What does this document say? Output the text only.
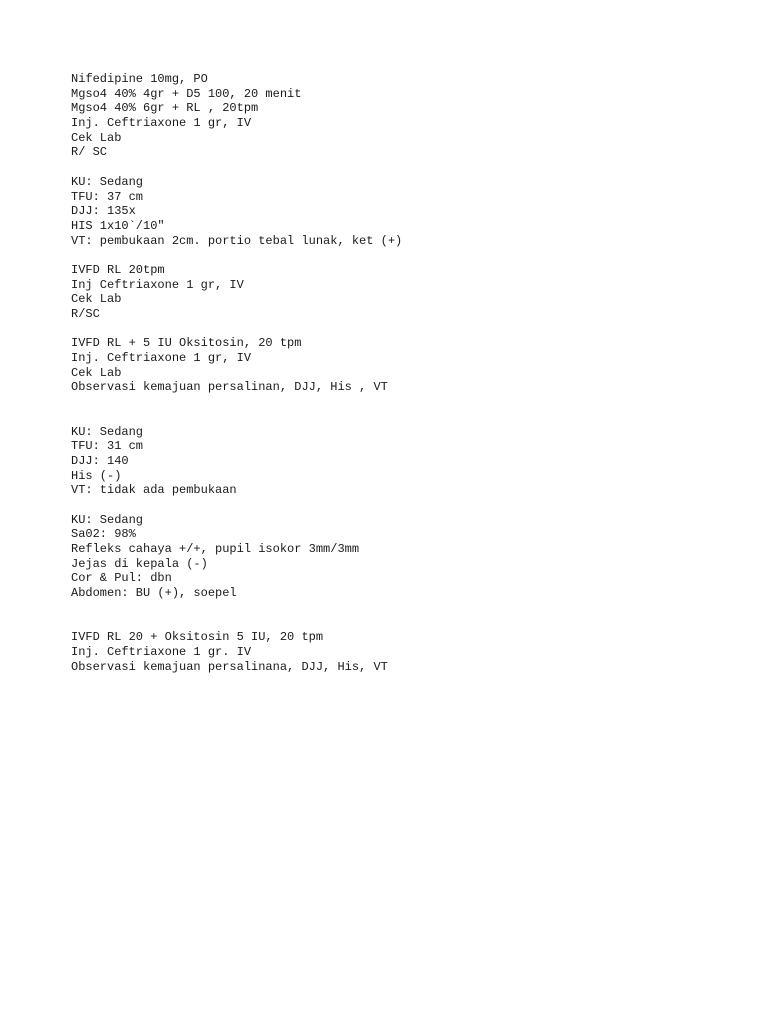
Nifedipine 10mg, PO
Mgso4 40% 4gr + D5 100, 20 menit
Mgso4 40% 6gr + RL , 20tpm
Inj. Ceftriaxone 1 gr, IV
Cek Lab
R/ SC
KU: Sedang
TFU: 37 cm
DJJ: 135x
HIS 1x10`/10"
VT: pembukaan 2cm. portio tebal lunak, ket (+)
IVFD RL 20tpm
Inj Ceftriaxone 1 gr, IV
Cek Lab
R/SC
IVFD RL + 5 IU Oksitosin, 20 tpm
Inj. Ceftriaxone 1 gr, IV
Cek Lab
Observasi kemajuan persalinan, DJJ, His , VT
KU: Sedang
TFU: 31 cm
DJJ: 140
His (-)
VT: tidak ada pembukaan
KU: Sedang
Sa02: 98%
Refleks cahaya +/+, pupil isokor 3mm/3mm
Jejas di kepala (-)
Cor & Pul: dbn
Abdomen: BU (+), soepel
IVFD RL 20 + Oksitosin 5 IU, 20 tpm
Inj. Ceftriaxone 1 gr. IV
Observasi kemajuan persalinana, DJJ, His, VT
